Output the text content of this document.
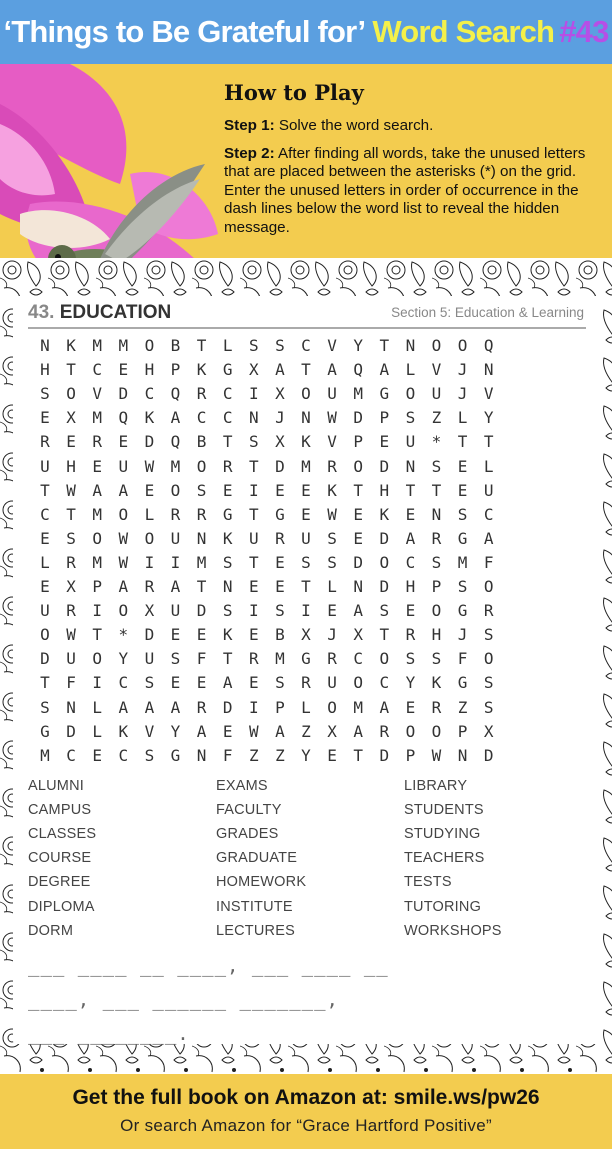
‘Things to Be Grateful for’ Word Search #43
How to Play
Step 1: Solve the word search.
Step 2: After finding all words, take the unused letters that are placed between the asterisks (*) on the grid. Enter the unused letters in order of occurrence in the dash lines below the word list to reveal the hidden message.
43. EDUCATION	Section 5: Education & Learning
N	K	M	M	O	B	T	L	S	S	C	V	Y	T	N	O	O	Q
H	T	C	E	H	P	K	G	X	A	T	A	Q	A	L	V	J	N
S	O	V	D	C	Q	R	C	I	X	O	U	M	G	O	U	J	V
E	X	M	Q	K	A	C	C	N	J	N	W	D	P	S	Z	L	Y
R	E	R	E	D	Q	B	T	S	X	K	V	P	E	U	*	T	T
U	H	E	U	W	M	O	R	T	D	M	R	O	D	N	S	E	L
T	W	A	A	E	O	S	E	I	E	E	K	T	H	T	T	E	U
C	T	M	O	L	R	R	G	T	G	E	W	E	K	E	N	S	C
E	S	O	W	O	U	N	K	U	R	U	S	E	D	A	R	G	A
L	R	M	W	I	I	M	S	T	E	S	S	D	O	C	S	M	F
E	X	P	A	R	A	T	N	E	E	T	L	N	D	H	P	S	O
U	R	I	O	X	U	D	S	I	S	I	E	A	S	E	O	G	R
O	W	T	*	D	E	E	K	E	B	X	J	X	T	R	H	J	S
D	U	O	Y	U	S	F	T	R	M	G	R	C	O	S	S	F	O
T	F	I	C	S	E	E	A	E	S	R	U	O	C	Y	K	G	S
S	N	L	A	A	A	R	D	I	P	L	O	M	A	E	R	Z	S
G	D	L	K	V	Y	A	E	W	A	Z	X	A	R	O	O	P	X
M	C	E	C	S	G	N	F	Z	Z	Y	E	T	D	P	W	N	D
ALUMNI
CAMPUS
CLASSES
COURSE
DEGREE
DIPLOMA
DORM
EXAMS
FACULTY
GRADES
GRADUATE
HOMEWORK
INSTITUTE
LECTURES
LIBRARY
STUDENTS
STUDYING
TEACHERS
TESTS
TUTORING
WORKSHOPS
___ ____ __ ____, ___ ____ __
____, ___ ______ _______,
___ ________.
Get the full book on Amazon at: smile.ws/pw26
Or search Amazon for “Grace Hartford Positive”
